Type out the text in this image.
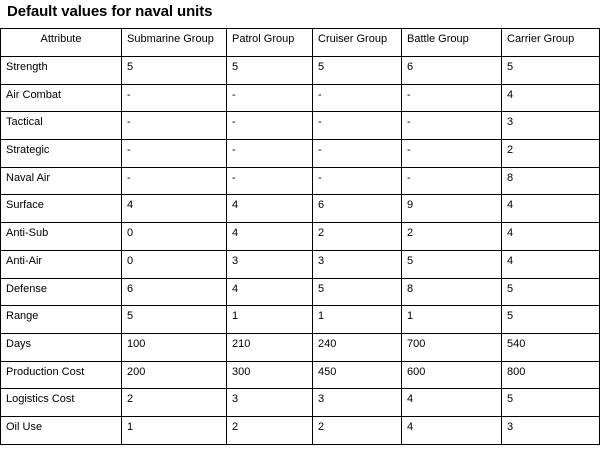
Default values for naval units
Attribute	Submarine Group	Patrol Group	Cruiser Group	Battle Group	Carrier Group
Strength	5	5	5	6	5
Air Combat	-	-	-	-	4
Tactical	-	-	-	-	3
Strategic	-	-	-	-	2
Naval Air	-	-	-	-	8
Surface	4	4	6	9	4
Anti-Sub	0	4	2	2	4
Anti-Air	0	3	3	5	4
Defense	6	4	5	8	5
Range	5	1	1	1	5
Days	100	210	240	700	540
Production Cost	200	300	450	600	800
Logistics Cost	2	3	3	4	5
Oil Use	1	2	2	4	3
